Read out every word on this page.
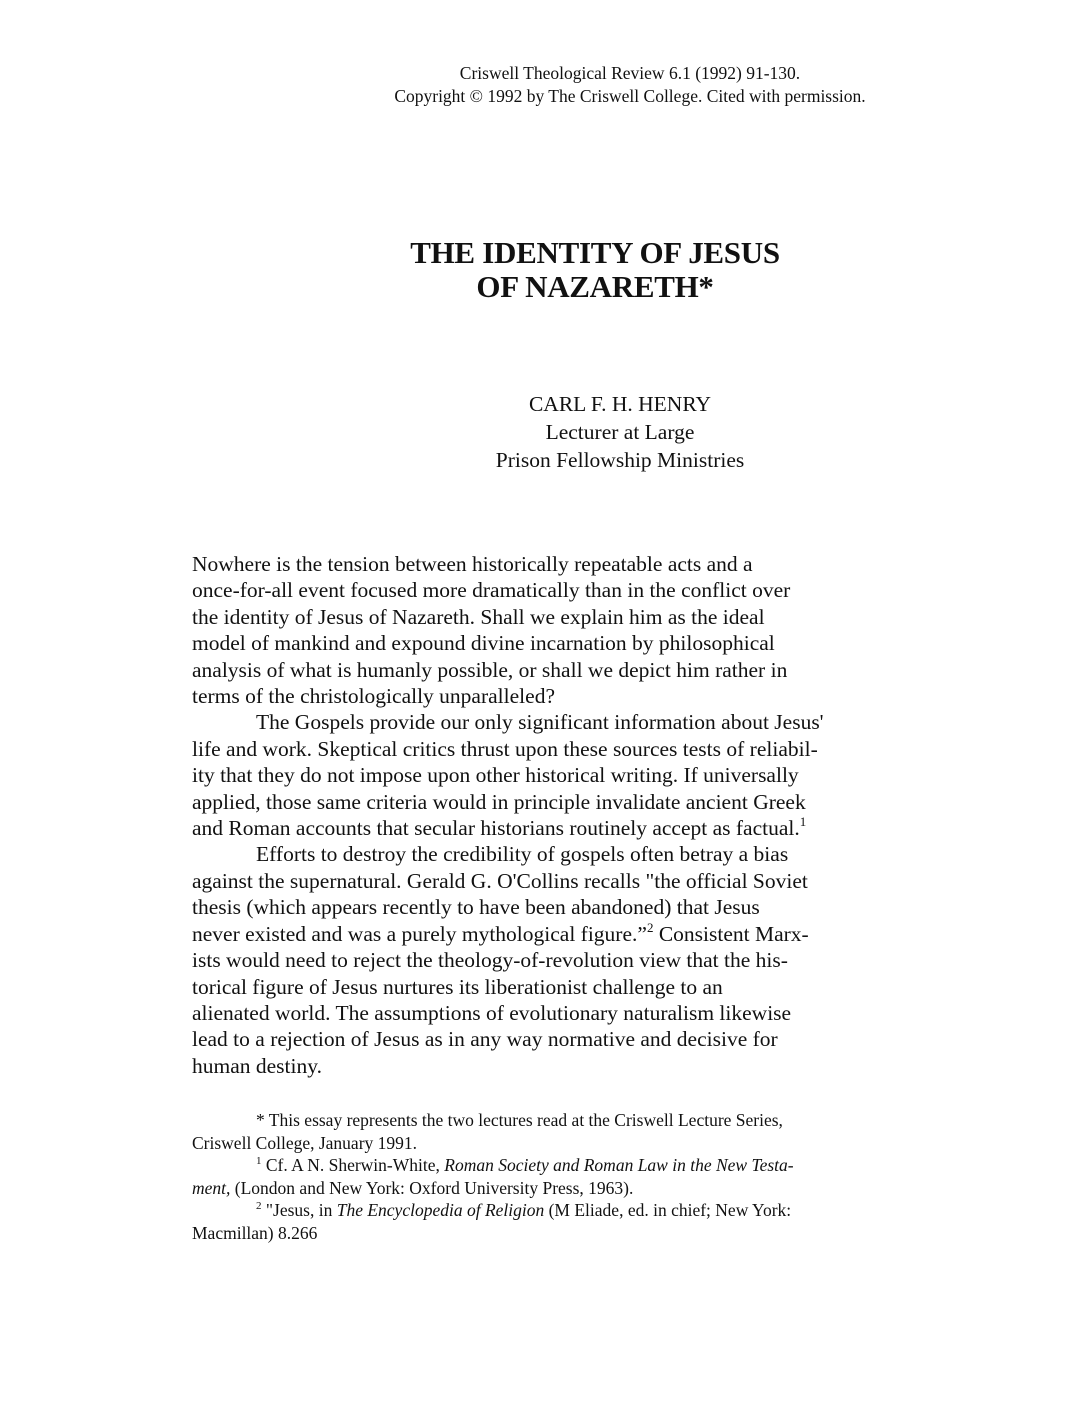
Criswell Theological Review 6.1 (1992) 91-130.
Copyright © 1992 by The Criswell College. Cited with permission.
THE IDENTITY OF JESUS
OF NAZARETH*
CARL F. H. HENRY
Lecturer at Large
Prison Fellowship Ministries
Nowhere is the tension between historically repeatable acts and a
once-for-all event focused more dramatically than in the conflict over
the identity of Jesus of Nazareth. Shall we explain him as the ideal
model of mankind and expound divine incarnation by philosophical
analysis of what is humanly possible, or shall we depict him rather in
terms of the christologically unparalleled?
The Gospels provide our only significant information about Jesus'
life and work. Skeptical critics thrust upon these sources tests of reliabil-
ity that they do not impose upon other historical writing. If universally
applied, those same criteria would in principle invalidate ancient Greek
and Roman accounts that secular historians routinely accept as factual.$^1$
Efforts to destroy the credibility of gospels often betray a bias
against the supernatural. Gerald G. O'Collins recalls "the official Soviet
thesis (which appears recently to have been abandoned) that Jesus
never existed and was a purely mythological figure.”$^2$ Consistent Marx-
ists would need to reject the theology-of-revolution view that the his-
torical figure of Jesus nurtures its liberationist challenge to an
alienated world. The assumptions of evolutionary naturalism likewise
lead to a rejection of Jesus as in any way normative and decisive for
human destiny.
* This essay represents the two lectures read at the Criswell Lecture Series,
Criswell College, January 1991.
$^1$ Cf. A N. Sherwin-White, Roman Society and Roman Law in the New Testa-
ment, (London and New York: Oxford University Press, 1963).
$^2$ "Jesus, in The Encyclopedia of Religion (M Eliade, ed. in chief; New York:
Macmillan) 8.266
